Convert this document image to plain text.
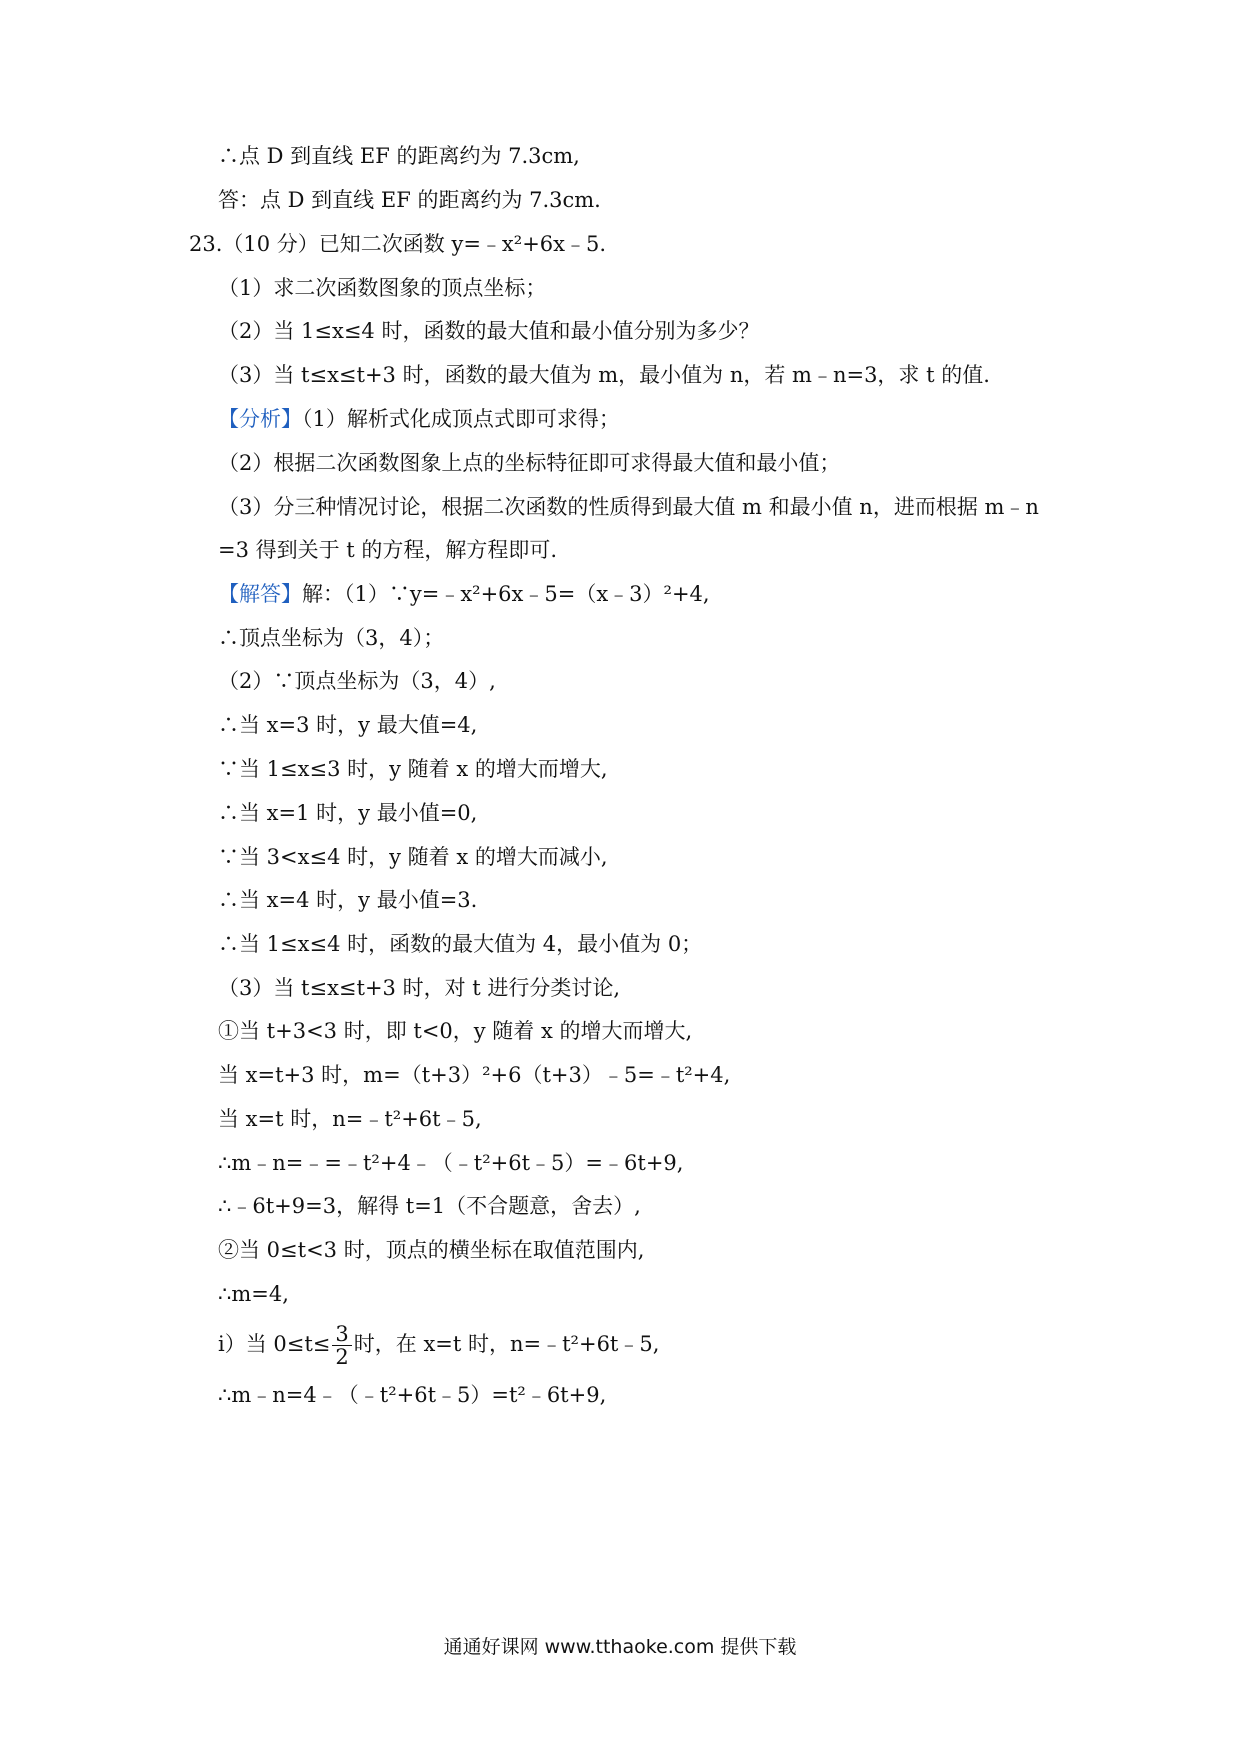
∴点 D 到直线 EF 的距离约为 7.3cm,
答：点 D 到直线 EF 的距离约为 7.3cm.
23.（10 分）已知二次函数 y=﹣x²+6x﹣5.
（1）求二次函数图象的顶点坐标；
（2）当 1≤x≤4 时，函数的最大值和最小值分别为多少？
（3）当 t≤x≤t+3 时，函数的最大值为 m，最小值为 n，若 m﹣n=3，求 t 的值.
【分析】（1）解析式化成顶点式即可求得；
（2）根据二次函数图象上点的坐标特征即可求得最大值和最小值；
（3）分三种情况讨论，根据二次函数的性质得到最大值 m 和最小值 n，进而根据 m﹣n
=3 得到关于 t 的方程，解方程即可.
【解答】解：（1）∵y=﹣x²+6x﹣5=（x﹣3）²+4,
∴顶点坐标为（3，4）；
（2）∵顶点坐标为（3，4）,
∴当 x=3 时，y 最大值=4,
∵当 1≤x≤3 时，y 随着 x 的增大而增大,
∴当 x=1 时，y 最小值=0,
∵当 3<x≤4 时，y 随着 x 的增大而减小,
∴当 x=4 时，y 最小值=3.
∴当 1≤x≤4 时，函数的最大值为 4，最小值为 0；
（3）当 t≤x≤t+3 时，对 t 进行分类讨论,
①当 t+3<3 时，即 t<0，y 随着 x 的增大而增大,
当 x=t+3 时，m=（t+3）²+6（t+3）﹣5=﹣t²+4,
当 x=t 时，n=﹣t²+6t﹣5,
∴m﹣n=﹣=﹣t²+4﹣（﹣t²+6t﹣5）=﹣6t+9,
∴﹣6t+9=3，解得 t=1（不合题意，舍去）,
②当 0≤t<3 时，顶点的横坐标在取值范围内,
∴m=4,
i）当 $0\le t\le \frac{3}{2}$ 时，在 x=t 时，n=﹣t²+6t﹣5,
∴m﹣n=4﹣（﹣t²+6t﹣5）=t²﹣6t+9,
通通好课网 www.tthaoke.com 提供下载
